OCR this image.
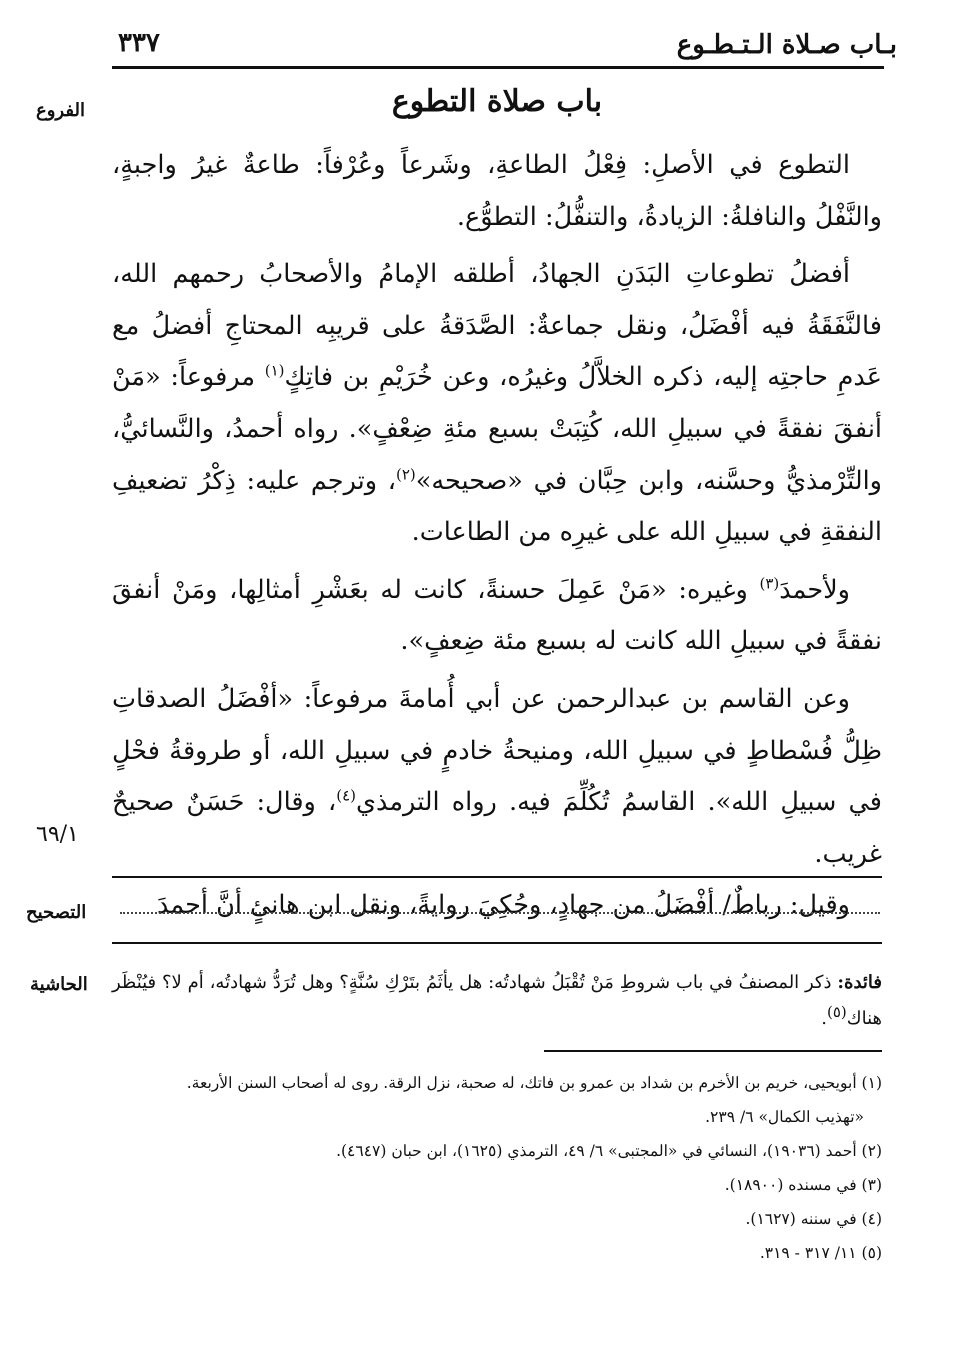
بـاب صـلاة الـتـطـوع
٣٣٧
الفروع
التصحيح
الحاشية
٦٩/١
باب صلاة التطوع

التطوع في الأصلِ: فِعْلُ الطاعةِ، وشَرعاً وعُرْفاً: طاعةٌ غيرُ واجبةٍ، والنَّفْلُ والنافلةُ: الزيادةُ، والتنفُّلُ: التطوُّع.

أفضلُ تطوعاتِ البَدَنِ الجهادُ، أطلقه الإمامُ والأصحابُ رحمهم الله، فالنَّفَقَةُ فيه أفْضَلُ، ونقل جماعةٌ: الصَّدَقةُ على قريبِه المحتاجِ أفضلُ مع عَدمِ حاجتِه إليه، ذكره الخلاَّلُ وغيرُه، وعن خُرَيْمِ بن فاتِكٍ$^{(١)}$ مرفوعاً: «مَنْ أنفقَ نفقةً في سبيلِ الله، كُتِبَتْ بسبع مئةِ ضِعْفٍ». رواه أحمدُ، والنَّسائيُّ، والتِّرْمذيُّ وحسَّنه، وابن حِبَّان في «صحيحه»$^{(٢)}$، وترجم عليه: ذِكْرُ تضعيفِ النفقةِ في سبيلِ الله على غيرِه من الطاعات.

ولأحمدَ$^{(٣)}$ وغيره: «مَنْ عَمِلَ حسنةً، كانت له بعَشْرِ أمثالِها، ومَنْ أنفقَ نفقةً في سبيلِ الله كانت له بسبع مئة ضِعفٍ».

وعن القاسم بن عبدالرحمن عن أبي أُمامةَ مرفوعاً: «أفْضَلُ الصدقاتِ ظِلُّ فُسْطاطٍ في سبيلِ الله، ومنيحةُ خادمٍ في سبيلِ الله، أو طروقةُ فحْلٍ في سبيلِ الله». القاسمُ تُكُلِّمَ فيه. رواه الترمذي$^{(٤)}$، وقال: حَسَنٌ صحيحٌ غريب.

وقيل: رباطٌ/ أفْضَلُ من جهادٍ، وحُكِيَ روايةً، ونقل ابن هانئٍ أنَّ أحمدَ

فائدة: ذكر المصنفُ في باب شروطِ مَنْ تُقْبَلُ شهادتُه: هل يأثَمُ بتَرْكِ سُنَّةٍ؟ وهل تُرَدُّ شهادتُه، أم لا؟ فيُنْظَر هناك$^{(٥)}$.
(١) أبويحيى، خريم بن الأخرم بن شداد بن عمرو بن فاتك، له صحبة، نزل الرقة. روى له أصحاب السنن الأربعة.
«تهذيب الكمال» ٦/ ٢٣٩.
(٢) أحمد (١٩٠٣٦)، النسائي في «المجتبى» ٦/ ٤٩، الترمذي (١٦٢٥)، ابن حبان (٤٦٤٧).
(٣) في مسنده (١٨٩٠٠).
(٤) في سننه (١٦٢٧).
(٥) ١١/ ٣١٧ - ٣١٩.
